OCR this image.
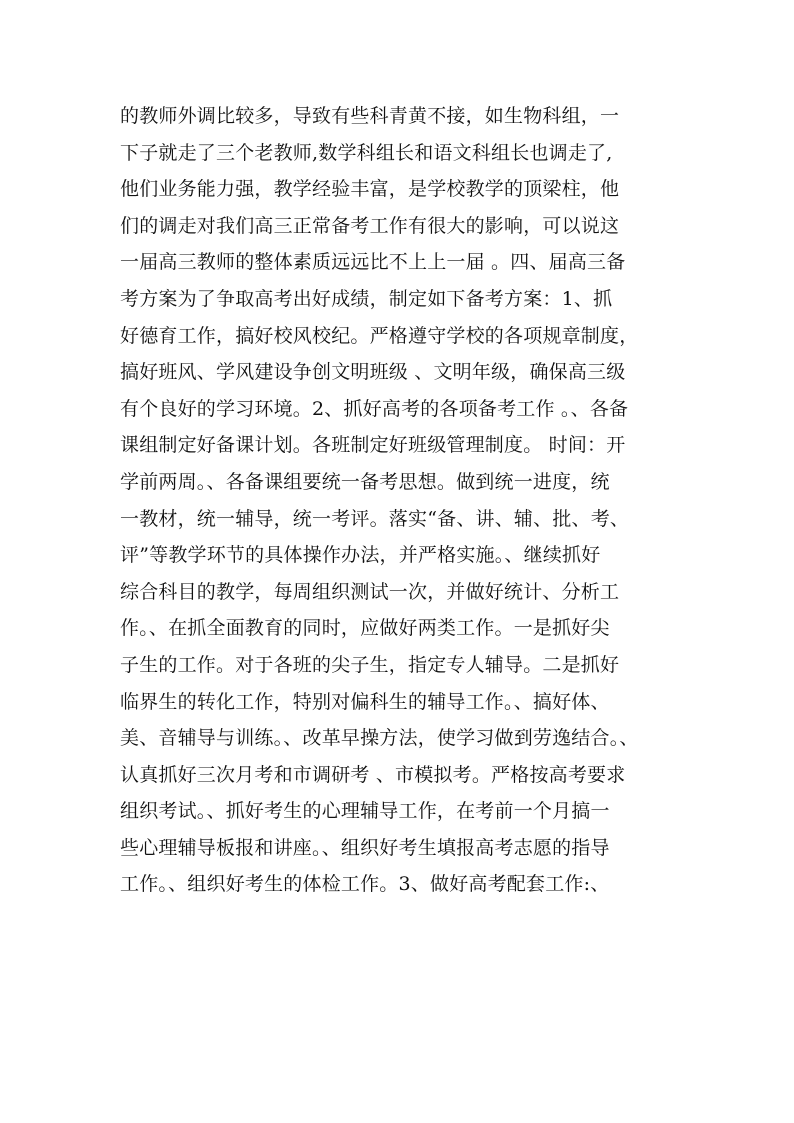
的教师外调比较多，导致有些科青黄不接，如生物科组，一
下子就走了三个老教师,数学科组长和语文科组长也调走了,
他们业务能力强，教学经验丰富，是学校教学的顶梁柱，他
们的调走对我们高三正常备考工作有很大的影响，可以说这
一届高三教师的整体素质远远比不上上一届 。四、届高三备
考方案为了争取高考出好成绩，制定如下备考方案：1、抓
好德育工作，搞好校风校纪。严格遵守学校的各项规章制度，
搞好班风、学风建设争创文明班级 、文明年级，确保高三级
有个良好的学习环境。2、抓好高考的各项备考工作 。、各备
课组制定好备课计划。各班制定好班级管理制度。 时间：开
学前两周。、各备课组要统一备考思想。做到统一进度，统
一教材，统一辅导，统一考评。落实“备、讲、辅、批、考、
评”等教学环节的具体操作办法，并严格实施。、继续抓好
综合科目的教学，每周组织测试一次，并做好统计、分析工
作。、在抓全面教育的同时，应做好两类工作。一是抓好尖
子生的工作。对于各班的尖子生，指定专人辅导。二是抓好
临界生的转化工作，特别对偏科生的辅导工作。、搞好体、
美、音辅导与训练。、改革早操方法，使学习做到劳逸结合。、
认真抓好三次月考和市调研考 、市模拟考。严格按高考要求
组织考试。、抓好考生的心理辅导工作，在考前一个月搞一
些心理辅导板报和讲座。、组织好考生填报高考志愿的指导
工作。、组织好考生的体检工作。3、做好高考配套工作:、
